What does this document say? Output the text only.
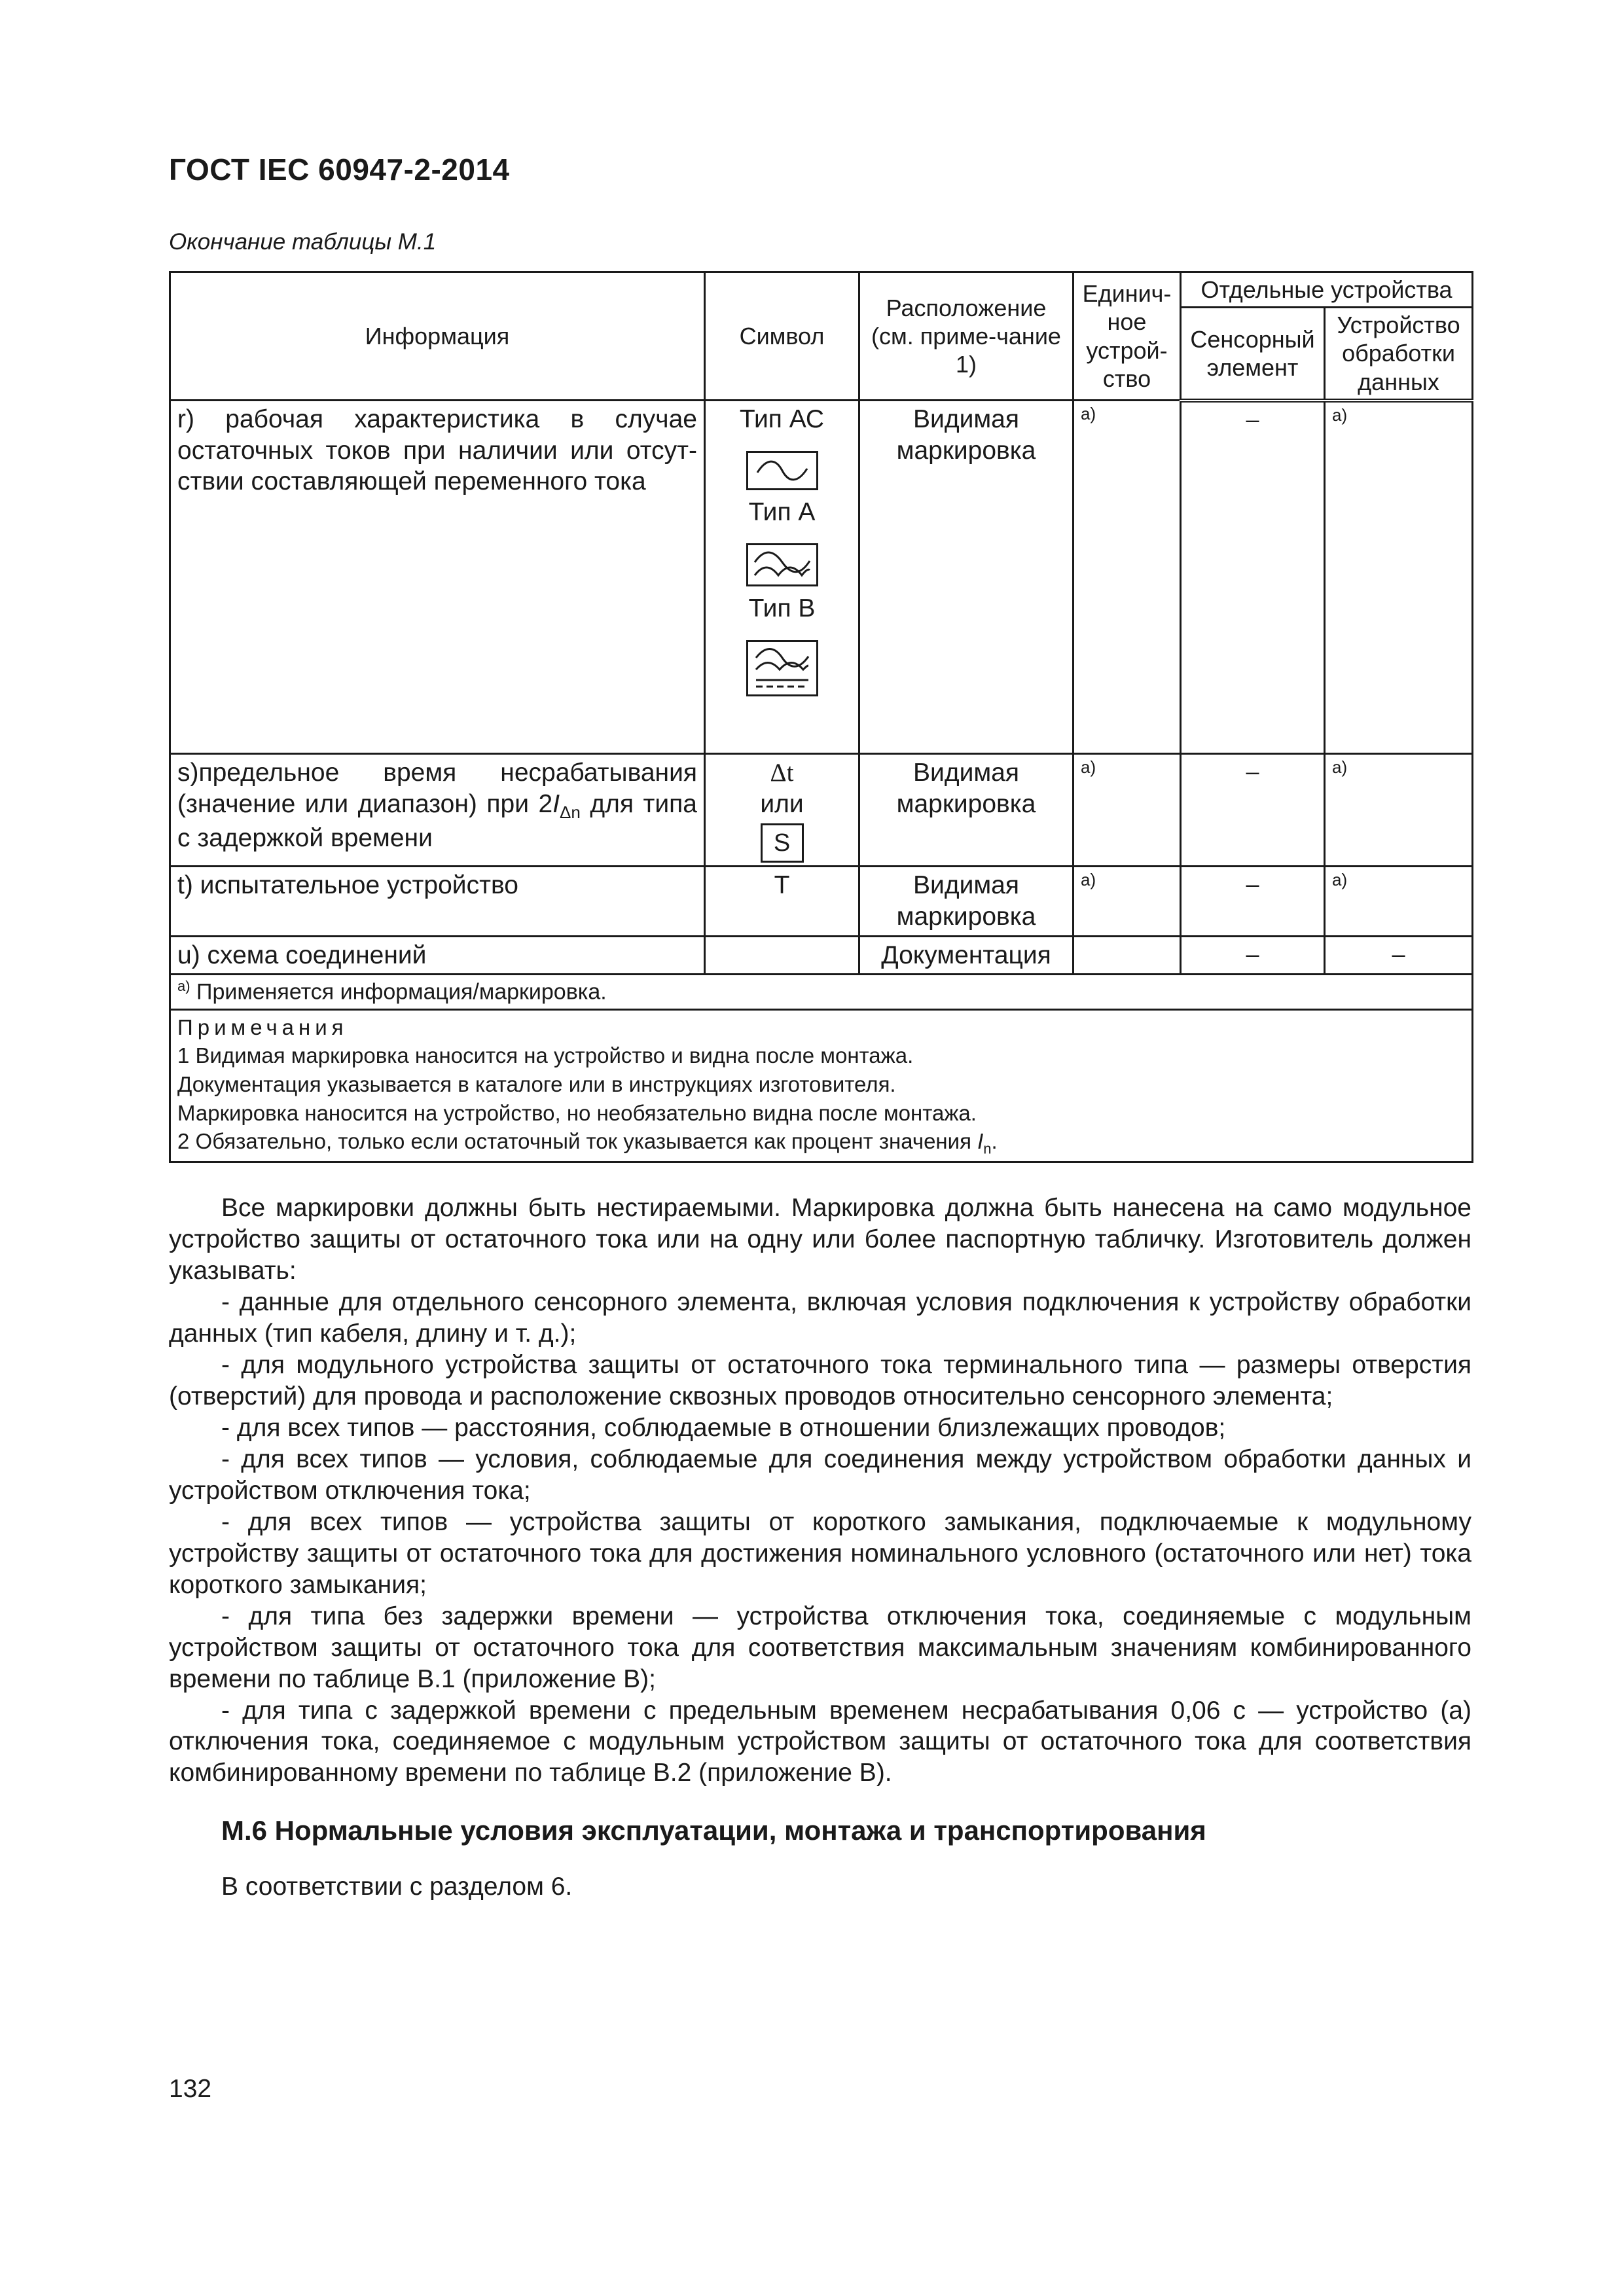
ГОСТ IEC 60947-2-2014
Окончание таблицы М.1
Информация	Символ	Расположение (см. приме-чание 1)	Единич-ное устрой-ство	Отдельные устройства	
				Сенсорный элемент	Устройство обработки данных
r) рабочая характеристика в случае остаточных токов при наличии или отсут-ствии составляющей переменного тока	Тип АС
Тип А
Тип В	Видимая маркировка	a)	–	a)
s)предельное время несрабатывания (значение или диапазон) при $2I_{\Delta n}$ для типа с задержкой времени	Δt
или
S	Видимая маркировка	a)	–	a)
t) испытательное устройство	T	Видимая маркировка	a)	–	a)
u) схема соединений		Документация		–	–
$^{a)}$ Применяется информация/маркировка.					

Примечания
1 Видимая маркировка наносится на устройство и видна после монтажа.
Документация указывается в каталоге или в инструкциях изготовителя.
Маркировка наносится на устройство, но необязательно видна после монтажа.
2 Обязательно, только если остаточный ток указывается как процент значения $I_n$.					

Все маркировки должны быть нестираемыми. Маркировка должна быть нанесена на само модульное устройство защиты от остаточного тока или на одну или более паспортную табличку. Изготовитель должен указывать:

- данные для отдельного сенсорного элемента, включая условия подключения к устройству обработки данных (тип кабеля, длину и т. д.);

- для модульного устройства защиты от остаточного тока терминального типа — размеры отверстия (отверстий) для провода и расположение сквозных проводов относительно сенсорного элемента;

- для всех типов — расстояния, соблюдаемые в отношении близлежащих проводов;

- для всех типов — условия, соблюдаемые для соединения между устройством обработки данных и устройством отключения тока;

- для всех типов — устройства защиты от короткого замыкания, подключаемые к модульному устройству защиты от остаточного тока для достижения номинального условного (остаточного или нет) тока короткого замыкания;

- для типа без задержки времени — устройства отключения тока, соединяемые с модульным устройством защиты от остаточного тока для соответствия максимальным значениям комбинированного времени по таблице В.1 (приложение В);

- для типа с задержкой времени с предельным временем несрабатывания 0,06 с — устройство (а) отключения тока, соединяемое с модульным устройством защиты от остаточного тока для соответствия комбинированному времени по таблице В.2 (приложение В).

М.6 Нормальные условия эксплуатации, монтажа и транспортирования
В соответствии с разделом 6.
132
